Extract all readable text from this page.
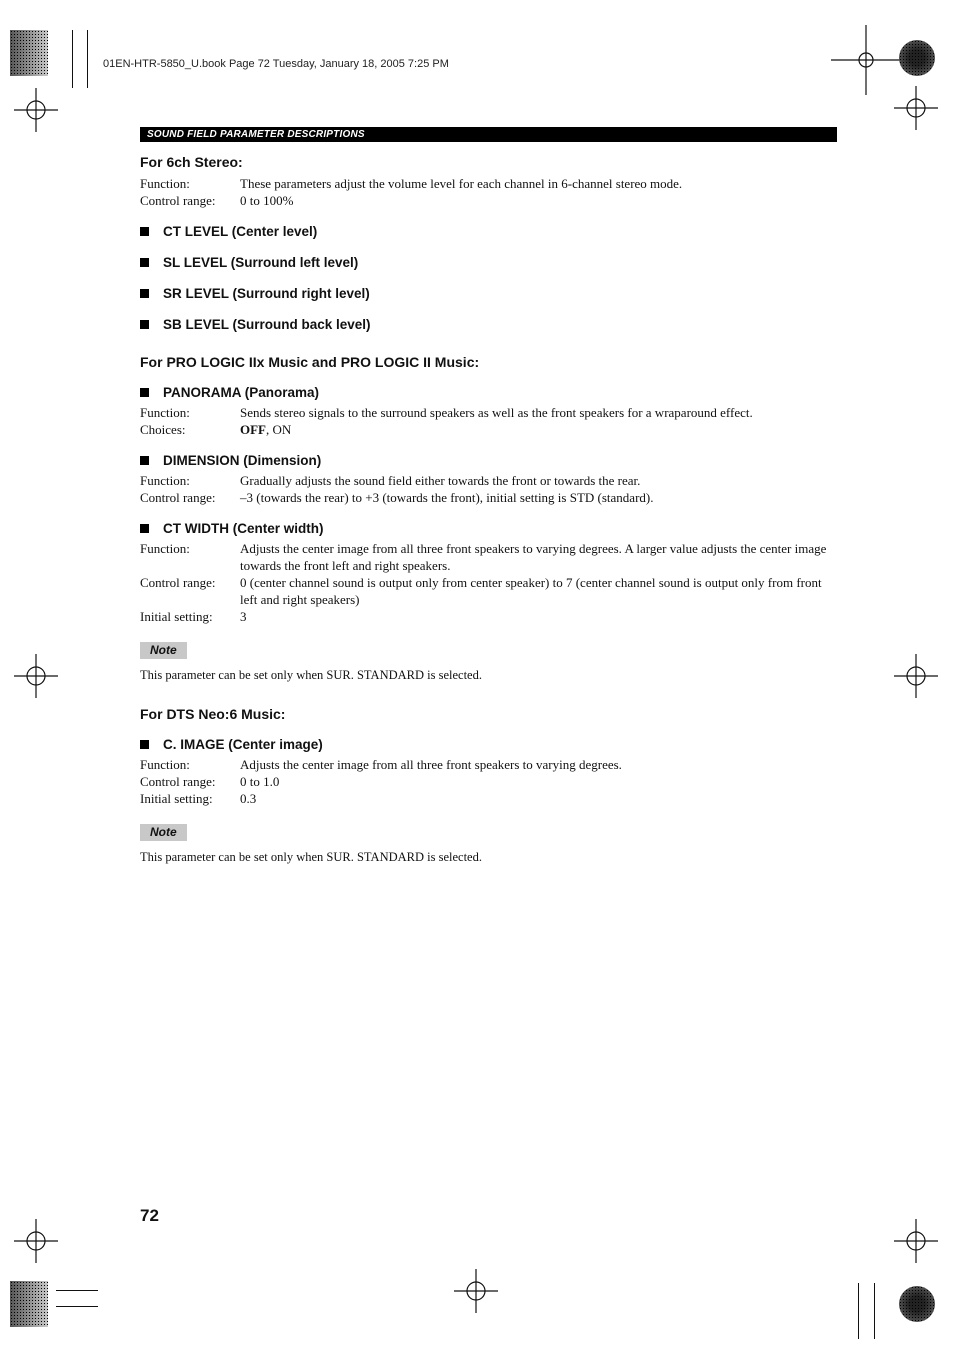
01EN-HTR-5850_U.book Page 72 Tuesday, January 18, 2005 7:25 PM
SOUND FIELD PARAMETER DESCRIPTIONS
For 6ch Stereo:
Function:	These parameters adjust the volume level for each channel in 6-channel stereo mode.
Control range:	0 to 100%
CT LEVEL (Center level)
SL LEVEL (Surround left level)
SR LEVEL (Surround right level)
SB LEVEL (Surround back level)
For PRO LOGIC IIx Music and PRO LOGIC II Music:
PANORAMA (Panorama)
Function:	Sends stereo signals to the surround speakers as well as the front speakers for a wraparound effect.
Choices:	OFF, ON
DIMENSION (Dimension)
Function:	Gradually adjusts the sound field either towards the front or towards the rear.
Control range:	–3 (towards the rear) to +3 (towards the front), initial setting is STD (standard).
CT WIDTH (Center width)
Function:	Adjusts the center image from all three front speakers to varying degrees. A larger value adjusts the center image towards the front left and right speakers.
Control range:	0 (center channel sound is output only from center speaker) to 7 (center channel sound is output only from front left and right speakers)
Initial setting:	3
Note
This parameter can be set only when SUR. STANDARD is selected.
For DTS Neo:6 Music:
C. IMAGE (Center image)
Function:	Adjusts the center image from all three front speakers to varying degrees.
Control range:	0 to 1.0
Initial setting:	0.3
Note
This parameter can be set only when SUR. STANDARD is selected.
72
